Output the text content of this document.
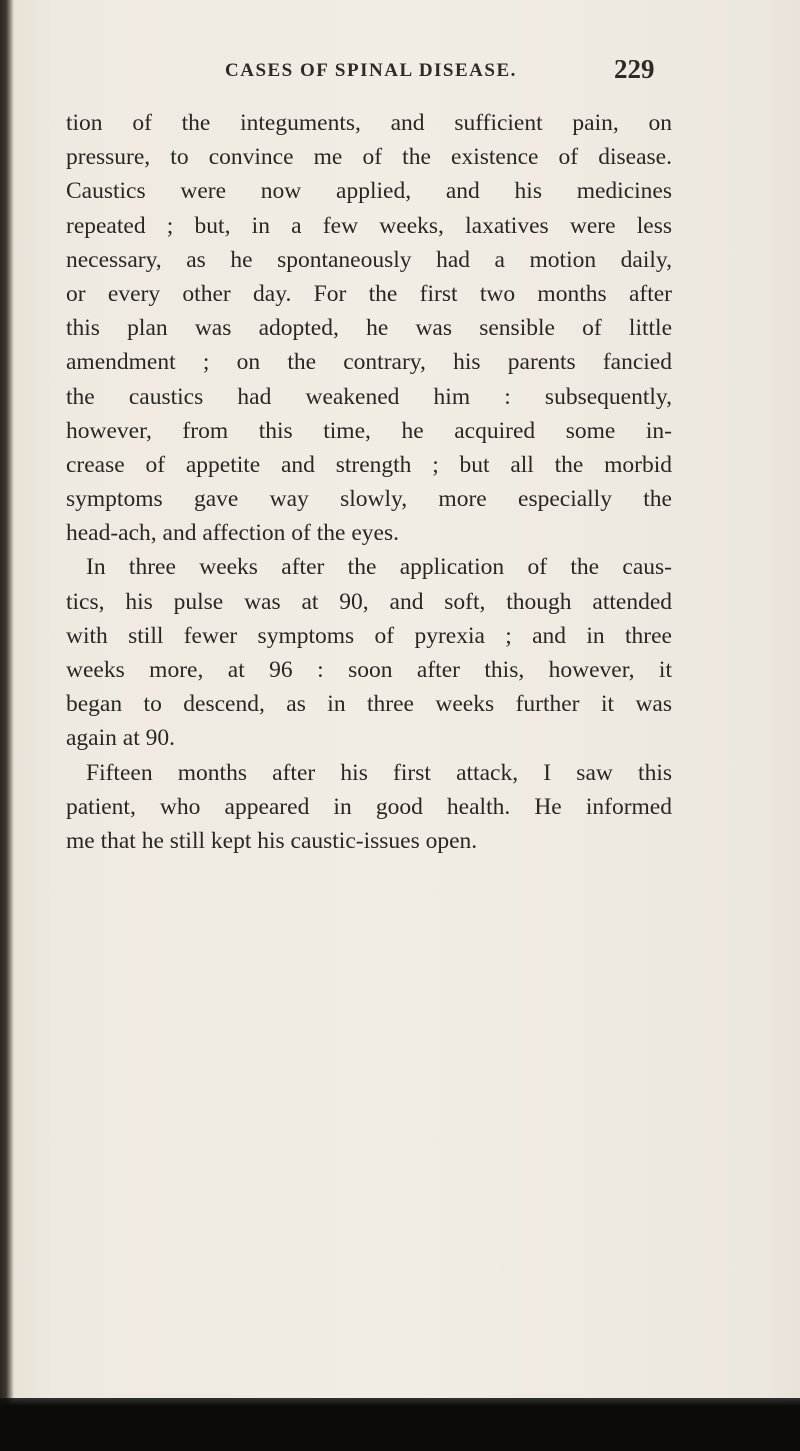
CASES OF SPINAL DISEASE.	229
tion of the integuments, and sufficient pain, on
pressure, to convince me of the existence of disease.
Caustics were now applied, and his medicines
repeated ; but, in a few weeks, laxatives were less
necessary, as he spontaneously had a motion daily,
or every other day. For the first two months after
this plan was adopted, he was sensible of little
amendment ; on the contrary, his parents fancied
the caustics had weakened him : subsequently,
however, from this time, he acquired some in-
crease of appetite and strength ; but all the morbid
symptoms gave way slowly, more especially the
head-ach, and affection of the eyes.
In three weeks after the application of the caus-
tics, his pulse was at 90, and soft, though attended
with still fewer symptoms of pyrexia ; and in three
weeks more, at 96 : soon after this, however, it
began to descend, as in three weeks further it was
again at 90.
Fifteen months after his first attack, I saw this
patient, who appeared in good health. He informed
me that he still kept his caustic-issues open.
